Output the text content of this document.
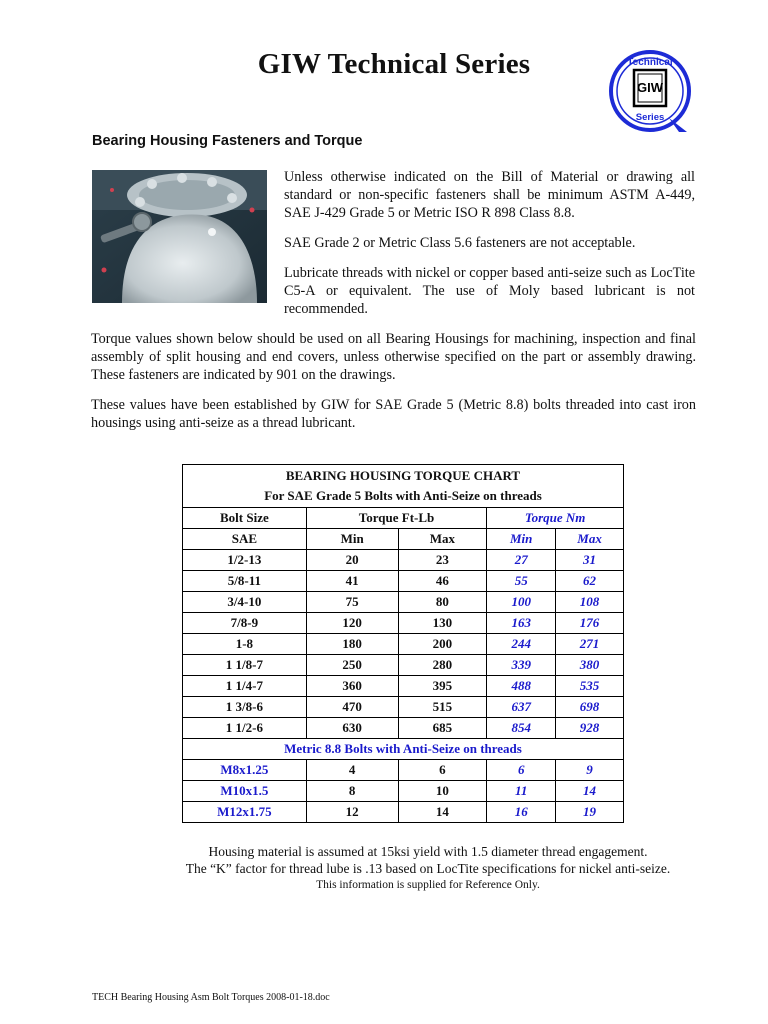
GIW Technical Series	Technical
GIW
Series
Bearing Housing Fasteners and Torque

Unless otherwise indicated on the Bill of Material or drawing all standard or non-specific fasteners shall be minimum ASTM A-449, SAE J-429 Grade 5 or Metric ISO R 898 Class 8.8.

SAE Grade 2 or Metric Class 5.6 fasteners are not acceptable.

Lubricate threads with nickel or copper based anti-seize such as LocTite C5-A or equivalent. The use of Moly based lubricant is not recommended.

Torque values shown below should be used on all Bearing Housings for machining, inspection and final assembly of split housing and end covers, unless otherwise specified on the part or assembly drawing. These fasteners are indicated by 901 on the drawings.

These values have been established by GIW for SAE Grade 5 (Metric 8.8) bolts threaded into cast iron housings using anti-seize as a thread lubricant.

BEARING HOUSING TORQUE CHART				
For SAE Grade 5 Bolts with Anti-Seize on threads				
Bolt Size	Torque Ft-Lb		Torque Nm	
SAE	Min	Max	Min	Max
1/2-13	20	23	27	31
5/8-11	41	46	55	62
3/4-10	75	80	100	108
7/8-9	120	130	163	176
1-8	180	200	244	271
1 1/8-7	250	280	339	380
1 1/4-7	360	395	488	535
1 3/8-6	470	515	637	698
1 1/2-6	630	685	854	928
Metric 8.8 Bolts with Anti-Seize on threads				
M8x1.25	4	6	6	9
M10x1.5	8	10	11	14
M12x1.75	12	14	16	19
Housing material is assumed at 15ksi yield with 1.5 diameter thread engagement.
The “K” factor for thread lube is .13 based on LocTite specifications for nickel anti-seize.
This information is supplied for Reference Only.
TECH Bearing Housing Asm Bolt Torques 2008-01-18.doc
